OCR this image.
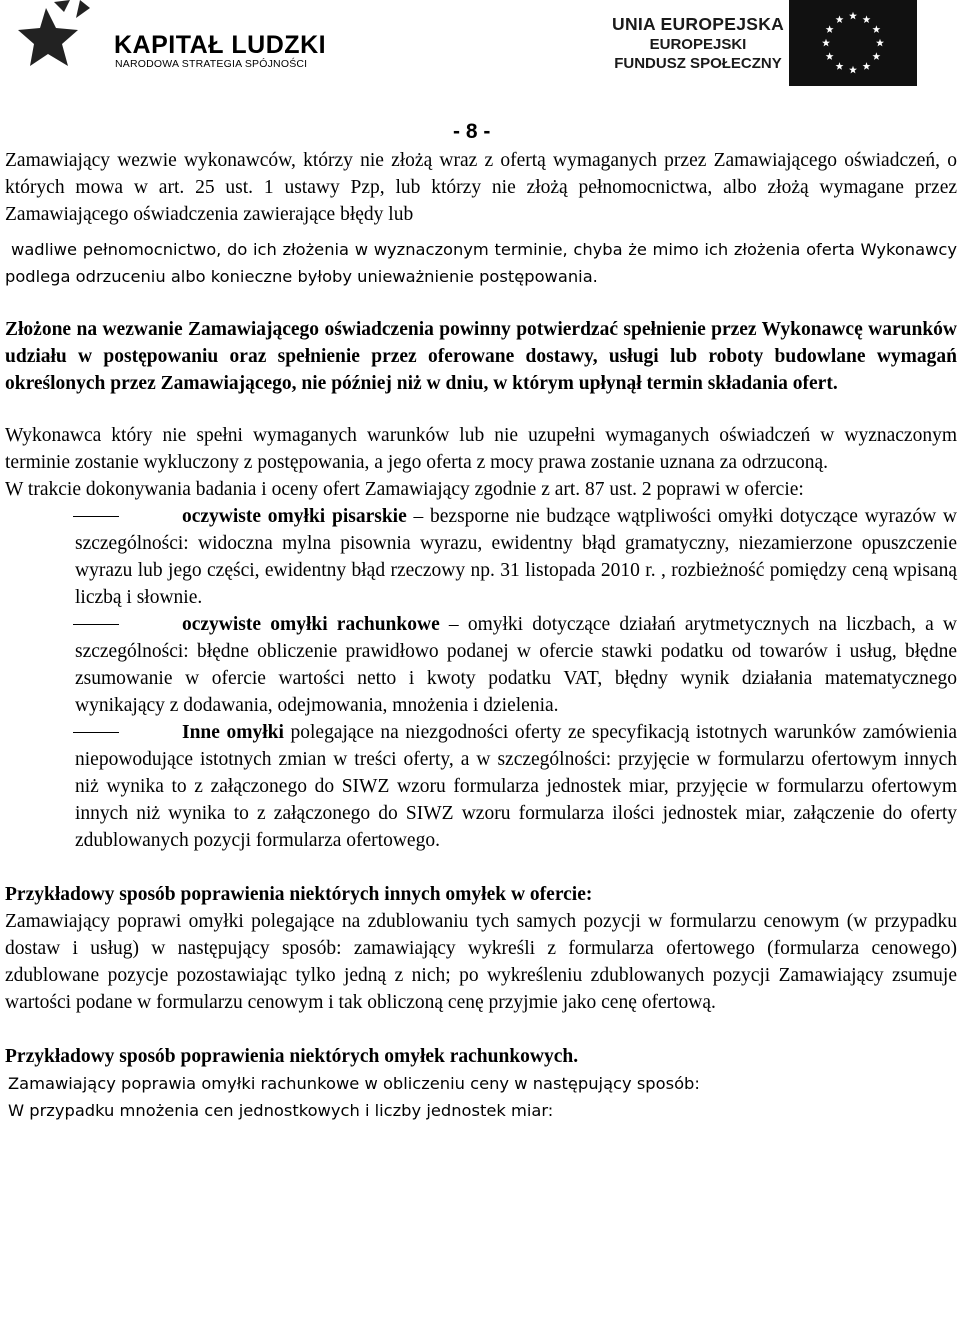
KAPITAŁ LUDZKI
NARODOWA STRATEGIA SPÓJNOŚCI
UNIA EUROPEJSKA
EUROPEJSKI
FUNDUSZ SPOŁECZNY
- 8 -

Zamawiający wezwie wykonawców, którzy nie złożą wraz z ofertą wymaganych przez Zamawiającego oświadczeń, o których mowa w art. 25 ust. 1 ustawy Pzp, lub którzy nie złożą pełnomocnictwa, albo złożą wymagane przez Zamawiającego oświadczenia zawierające błędy lub

wadliwe pełnomocnictwo, do ich złożenia w wyznaczonym terminie, chyba że mimo ich złożenia oferta Wykonawcy podlega odrzuceniu albo konieczne byłoby unieważnienie postępowania.

Złożone na wezwanie Zamawiającego oświadczenia powinny potwierdzać spełnienie przez Wykonawcę warunków udziału w postępowaniu oraz spełnienie przez oferowane dostawy, usługi lub roboty budowlane wymagań określonych przez Zamawiającego, nie później niż w dniu, w którym upłynął termin składania ofert.

Wykonawca który nie spełni wymaganych warunków lub nie uzupełni wymaganych oświadczeń w wyznaczonym terminie zostanie wykluczony z postępowania, a jego oferta z mocy prawa zostanie uznana za odrzuconą.

W trakcie dokonywania badania i oceny ofert Zamawiający zgodnie z art. 87 ust. 2 poprawi w ofercie:

oczywiste omyłki pisarskie – bezsporne nie budzące wątpliwości omyłki dotyczące wyrazów w szczególności: widoczna mylna pisownia wyrazu, ewidentny błąd gramatyczny, niezamierzone opuszczenie wyrazu lub jego części, ewidentny błąd rzeczowy np. 31 listopada 2010 r. , rozbieżność pomiędzy ceną wpisaną liczbą i słownie.
oczywiste omyłki rachunkowe – omyłki dotyczące działań arytmetycznych na liczbach, a w szczególności: błędne obliczenie prawidłowo podanej w ofercie stawki podatku od towarów i usług, błędne zsumowanie w ofercie wartości netto i kwoty podatku VAT, błędny wynik działania matematycznego wynikający z dodawania, odejmowania, mnożenia i dzielenia.
Inne omyłki polegające na niezgodności oferty ze specyfikacją istotnych warunków zamówienia niepowodujące istotnych zmian w treści oferty, a w szczególności: przyjęcie w formularzu ofertowym innych niż wynika to z załączonego do SIWZ wzoru formularza jednostek miar, przyjęcie w formularzu ofertowym innych niż wynika to z załączonego do SIWZ wzoru formularza ilości jednostek miar, załączenie do oferty zdublowanych pozycji formularza ofertowego.

Przykładowy sposób poprawienia niektórych innych omyłek w ofercie:

Zamawiający poprawi omyłki polegające na zdublowaniu tych samych pozycji w formularzu cenowym (w przypadku dostaw i usług) w następujący sposób: zamawiający wykreśli z formularza ofertowego (formularza cenowego) zdublowane pozycje pozostawiając tylko jedną z nich; po wykreśleniu zdublowanych pozycji Zamawiający zsumuje wartości podane w formularzu cenowym i tak obliczoną cenę przyjmie jako cenę ofertową.

Przykładowy sposób poprawienia niektórych omyłek rachunkowych.

Zamawiający poprawia omyłki rachunkowe w obliczeniu ceny w następujący sposób:

W przypadku mnożenia cen jednostkowych i liczby jednostek miar:
